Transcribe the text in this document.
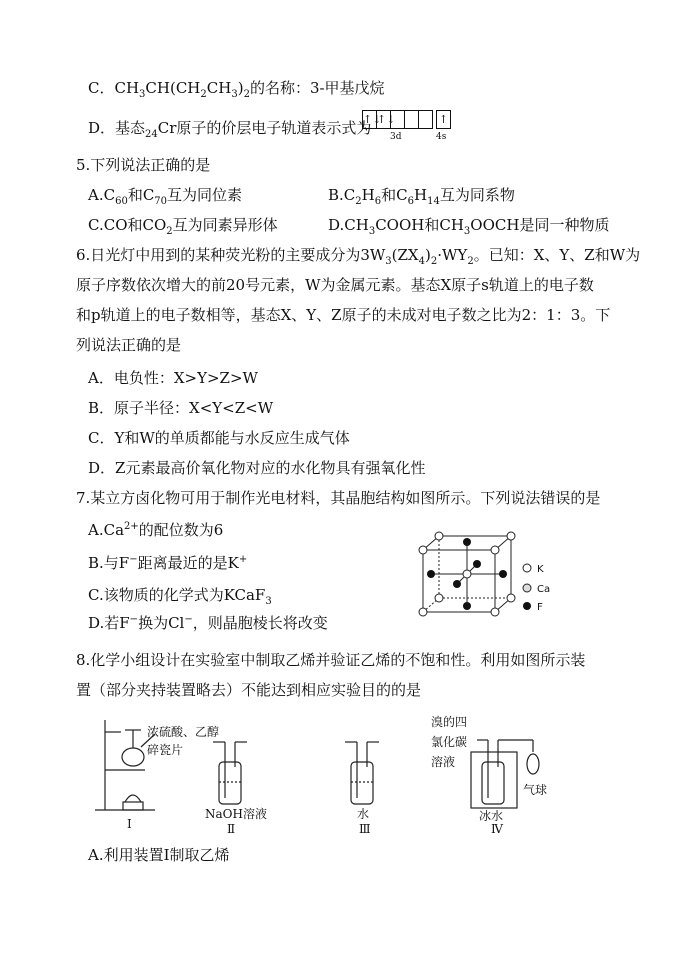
C．$CH_3CH(CH_2CH_3)_2$的名称：3-甲基戊烷
D．基态$_{24}$Cr原子的价层电子轨道表示式为
↑↓
↑↓	↑
3d	4s
5.下列说法正确的是
$A.C_{60}$和$C_{70}$互为同位素	$B.C_2H_6$和$C_6H_{14}$互为同系物
C.CO和$CO_2$互为同素异形体	$D.CH_3COOH$和$CH_3OOCH$是同一种物质
6.日光灯中用到的某种荧光粉的主要成分为$3W_3(ZX_4)_2\cdot WY_2$。已知：X、Y、Z和W为
原子序数依次增大的前20号元素，W为金属元素。基态X原子s轨道上的电子数
和p轨道上的电子数相等，基态X、Y、Z原子的未成对电子数之比为2：1：3。下
列说法正确的是
A．电负性：X>Y>Z>W
B．原子半径：X<Y<Z<W
C．Y和W的单质都能与水反应生成气体
D．Z元素最高价氧化物对应的水化物具有强氧化性
7.某立方卤化物可用于制作光电材料，其晶胞结构如图所示。下列说法错误的是
$A.Ca^{2+}$的配位数为6
B.与F−距离最近的是K+
C.该物质的化学式为KCaF$_3$
D.若F−换为Cl−，则晶胞棱长将改变
K
Ca
F
8.化学小组设计在实验室中制取乙烯并验证乙烯的不饱和性。利用如图所示装
置（部分夹持装置略去）不能达到相应实验目的的是
浓硫酸、乙醇
碎瓷片
I
NaOH溶液
Ⅱ
水
Ⅲ
溴的四
氯化碳
溶液
冰水
气球
Ⅳ
A.利用装置Ⅰ制取乙烯
